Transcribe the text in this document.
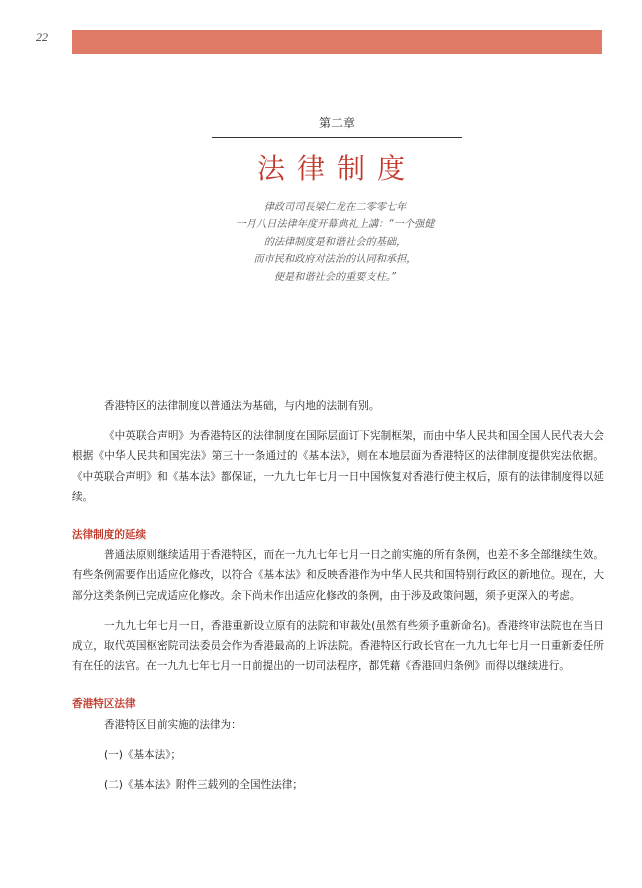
22
第二章
法律制度
律政司司長梁仁龙在二零零七年
一月八日法律年度开幕典礼上講：“一个强健
的法律制度是和谐社会的基础，
而市民和政府对法治的认同和承担，
便是和谐社会的重要支柱。”

香港特区的法律制度以普通法为基础，与内地的法制有别。

《中英联合声明》为香港特区的法律制度在国际层面订下宪制框架，而由中华人民共和国全国人民代表大会根据《中华人民共和国宪法》第三十一条通过的《基本法》，则在本地层面为香港特区的法律制度提供宪法依据。《中英联合声明》和《基本法》都保证，一九九七年七月一日中国恢复对香港行使主权后，原有的法律制度得以延续。

法律制度的延续

普通法原则继续适用于香港特区，而在一九九七年七月一日之前实施的所有条例，也差不多全部继续生效。有些条例需要作出适应化修改，以符合《基本法》和反映香港作为中华人民共和国特别行政区的新地位。现在，大部分这类条例已完成适应化修改。余下尚未作出适应化修改的条例，由于涉及政策问题，须予更深入的考虑。

一九九七年七月一日，香港重新设立原有的法院和审裁处(虽然有些须予重新命名)。香港终审法院也在当日成立，取代英国枢密院司法委员会作为香港最高的上诉法院。香港特区行政长官在一九九七年七月一日重新委任所有在任的法官。在一九九七年七月一日前提出的一切司法程序，都凭藉《香港回归条例》而得以继续进行。

香港特区法律

香港特区目前实施的法律为：

(一)《基本法》；

(二)《基本法》附件三载列的全国性法律；
